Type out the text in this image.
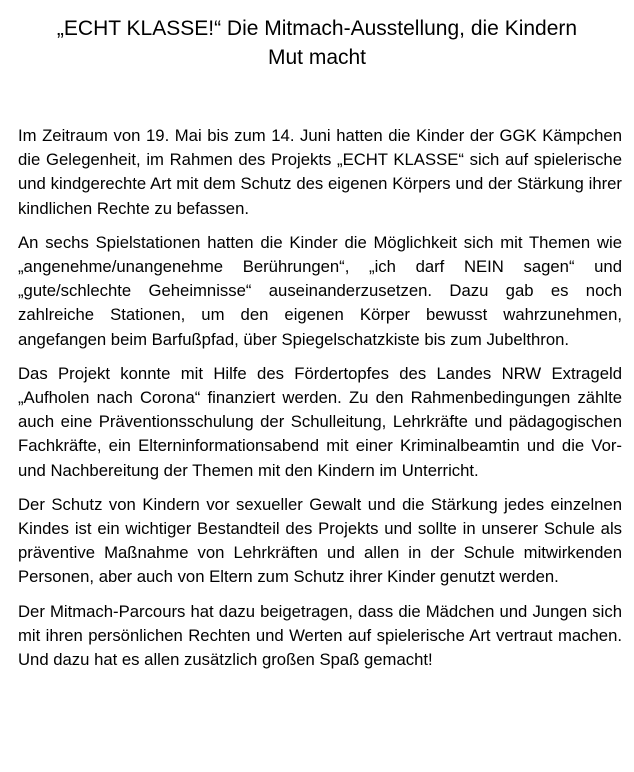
„ECHT KLASSE!“ Die Mitmach-Ausstellung, die Kindern
Mut macht

Im Zeitraum von 19. Mai bis zum 14. Juni hatten die Kinder der GGK Kämpchen die Gelegenheit, im Rahmen des Projekts „ECHT KLASSE“ sich auf spielerische und kindgerechte Art mit dem Schutz des eigenen Körpers und der Stärkung ihrer kindlichen Rechte zu befassen.

An sechs Spielstationen hatten die Kinder die Möglichkeit sich mit Themen wie „angenehme/unangenehme Berührungen“, „ich darf NEIN sagen“ und „gute/schlechte Geheimnisse“ auseinanderzusetzen. Dazu gab es noch zahlreiche Stationen, um den eigenen Körper bewusst wahrzunehmen, angefangen beim Barfußpfad, über Spiegelschatzkiste bis zum Jubelthron.

Das Projekt konnte mit Hilfe des Fördertopfes des Landes NRW Extrageld „Aufholen nach Corona“ finanziert werden. Zu den Rahmenbedingungen zählte auch eine Präventionsschulung der Schulleitung, Lehrkräfte und pädagogischen Fachkräfte, ein Elterninformationsabend mit einer Kriminalbeamtin und die Vor- und Nachbereitung der Themen mit den Kindern im Unterricht.

Der Schutz von Kindern vor sexueller Gewalt und die Stärkung jedes einzelnen Kindes ist ein wichtiger Bestandteil des Projekts und sollte in unserer Schule als präventive Maßnahme von Lehrkräften und allen in der Schule mitwirkenden Personen, aber auch von Eltern zum Schutz ihrer Kinder genutzt werden.

Der Mitmach-Parcours hat dazu beigetragen, dass die Mädchen und Jungen sich mit ihren persönlichen Rechten und Werten auf spielerische Art vertraut machen. Und dazu hat es allen zusätzlich großen Spaß gemacht!
